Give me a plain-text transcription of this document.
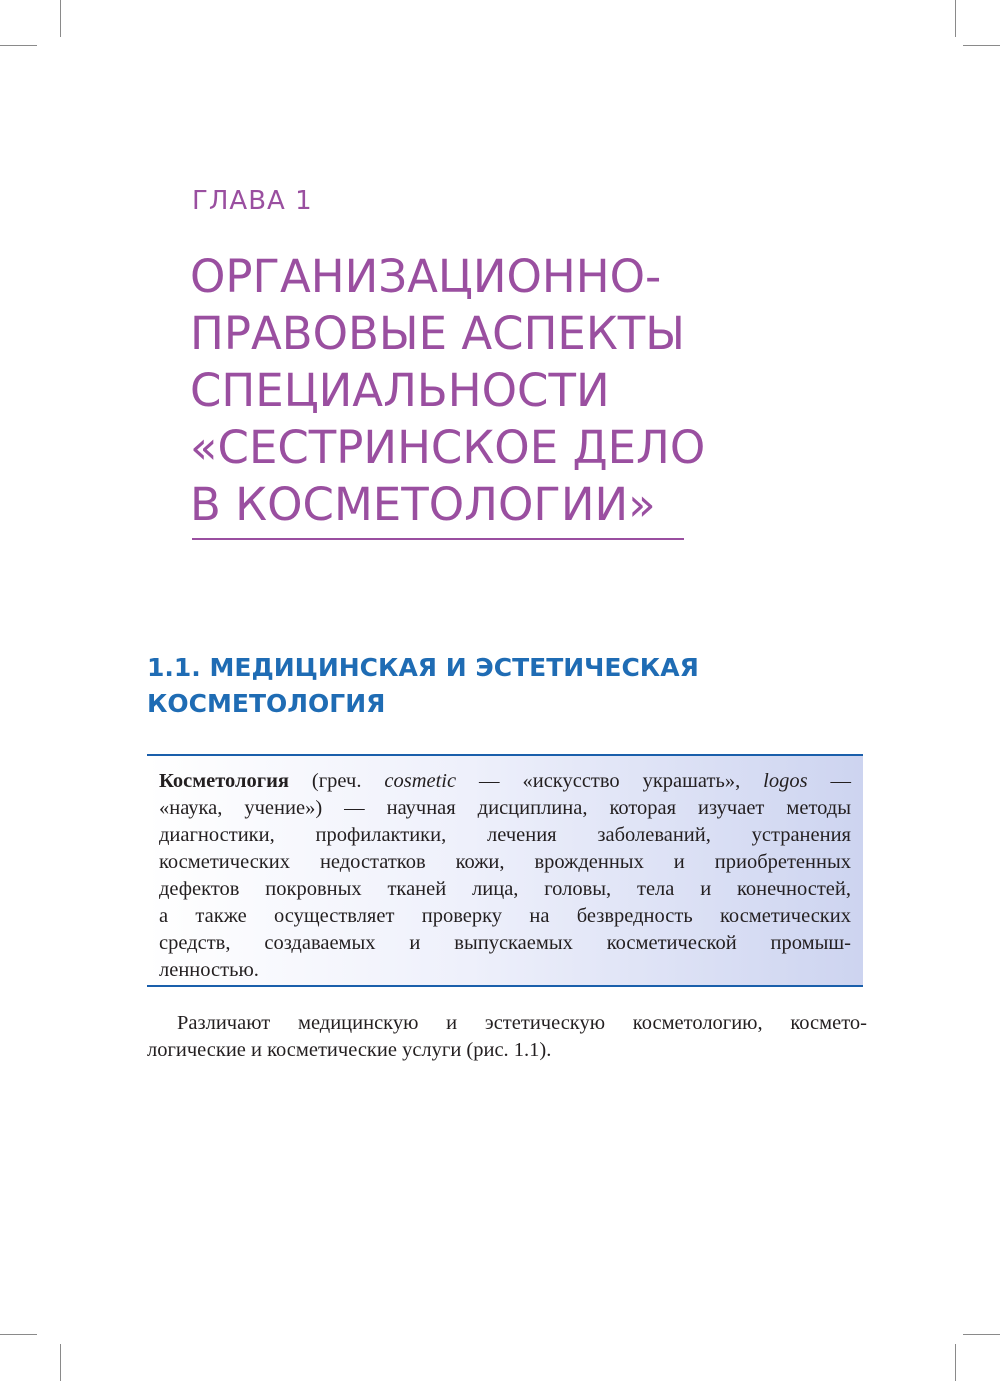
ГЛАВА 1
ОРГАНИЗАЦИОННО-
ПРАВОВЫЕ АСПЕКТЫ
СПЕЦИАЛЬНОСТИ
«СЕСТРИНСКОЕ ДЕЛО
В КОСМЕТОЛОГИИ»
1.1. МЕДИЦИНСКАЯ И ЭСТЕТИЧЕСКАЯ
КОСМЕТОЛОГИЯ

Косметология (греч. cosmetic — «искусство украшать», logos —
«наука, учение») — научная дисциплина, которая изучает методы
диагностики, профилактики, лечения заболеваний, устранения
косметических недостатков кожи, врожденных и приобретенных
дефектов покровных тканей лица, головы, тела и конечностей,
а также осуществляет проверку на безвредность косметических
средств, создаваемых и выпускаемых косметической промыш-
ленностью.

Различают медицинскую и эстетическую косметологию, космето-
логические и косметические услуги (рис. 1.1).
